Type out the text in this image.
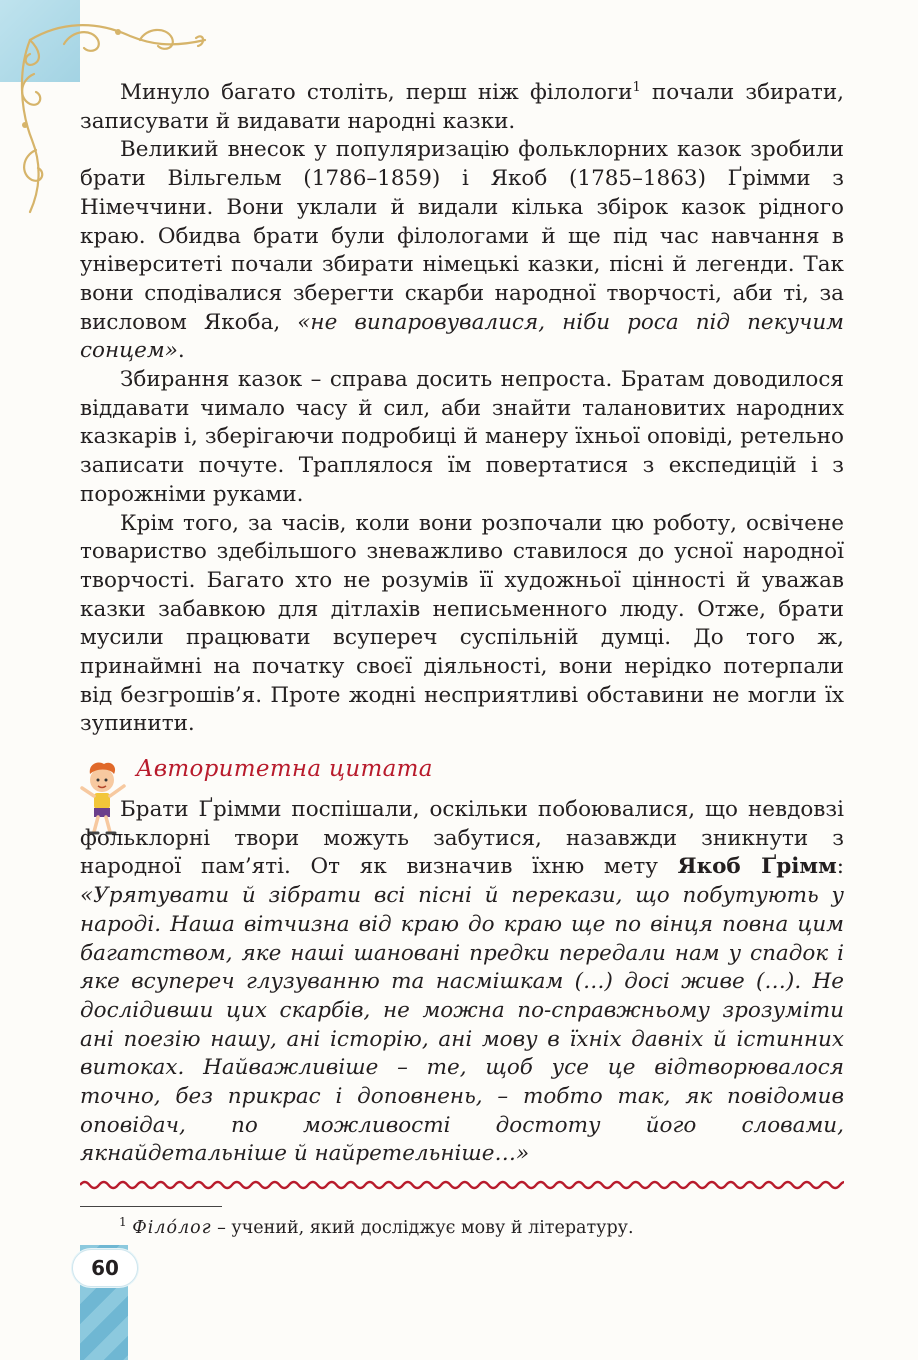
Минуло багато століть, перш ніж філологи$^1$ почали збирати, записувати й видавати народні казки.

Великий внесок у популяризацію фольклорних казок зробили брати Вільгельм (1786–1859) і Якоб (1785–1863) Ґрімми з Німеччини. Вони уклали й видали кілька збірок казок рідного краю. Обидва брати були філологами й ще під час навчання в університеті почали збирати німецькі казки, пісні й легенди. Так вони сподівалися зберегти скарби народної творчості, аби ті, за висловом Якоба, «не випаровувалися, ніби роса під пекучим сонцем».

Збирання казок – справа досить непроста. Братам доводилося віддавати чимало часу й сил, аби знайти талановитих народних казкарів і, зберігаючи подробиці й манеру їхньої оповіді, ретельно записати почуте. Траплялося їм повертатися з експедицій і з порожніми руками.

Крім того, за часів, коли вони розпочали цю роботу, освічене товариство здебільшого зневажливо ставилося до усної народної творчості. Багато хто не розумів її художньої цінності й уважав казки забавкою для дітлахів неписьменного люду. Отже, брати мусили працювати всупереч суспільній думці. До того ж, принаймні на початку своєї діяльності, вони нерідко потерпали від безгрошів’я. Проте жодні несприятливі обставини не могли їх зупинити.

Авторитетна цитата

Брати Ґрімми поспішали, оскільки побоювалися, що невдовзі фольклорні твори можуть забутися, назавжди зникнути з народної пам’яті. От як визначив їхню мету Якоб Ґрімм: «Урятувати й зібрати всі пісні й перекази, що побутують у народі. Наша вітчизна від краю до краю ще по вінця повна цим багатством, яке наші шановані предки передали нам у спадок і яке всупереч глузуванню та насмішкам (…) досі живе (…). Не дослідивши цих скарбів, не можна по-справжньому зрозуміти ані поезію нашу, ані історію, ані мову в їхніх давніх й істинних витоках. Найважливіше – те, щоб усе це відтворювалося точно, без прикрас і доповнень, – тобто так, як повідомив оповідач, по можливості достоту його словами, якнайдетальніше й найретельніше…»

$^1$ Філо́лог – учений, який досліджує мову й літературу.
60
